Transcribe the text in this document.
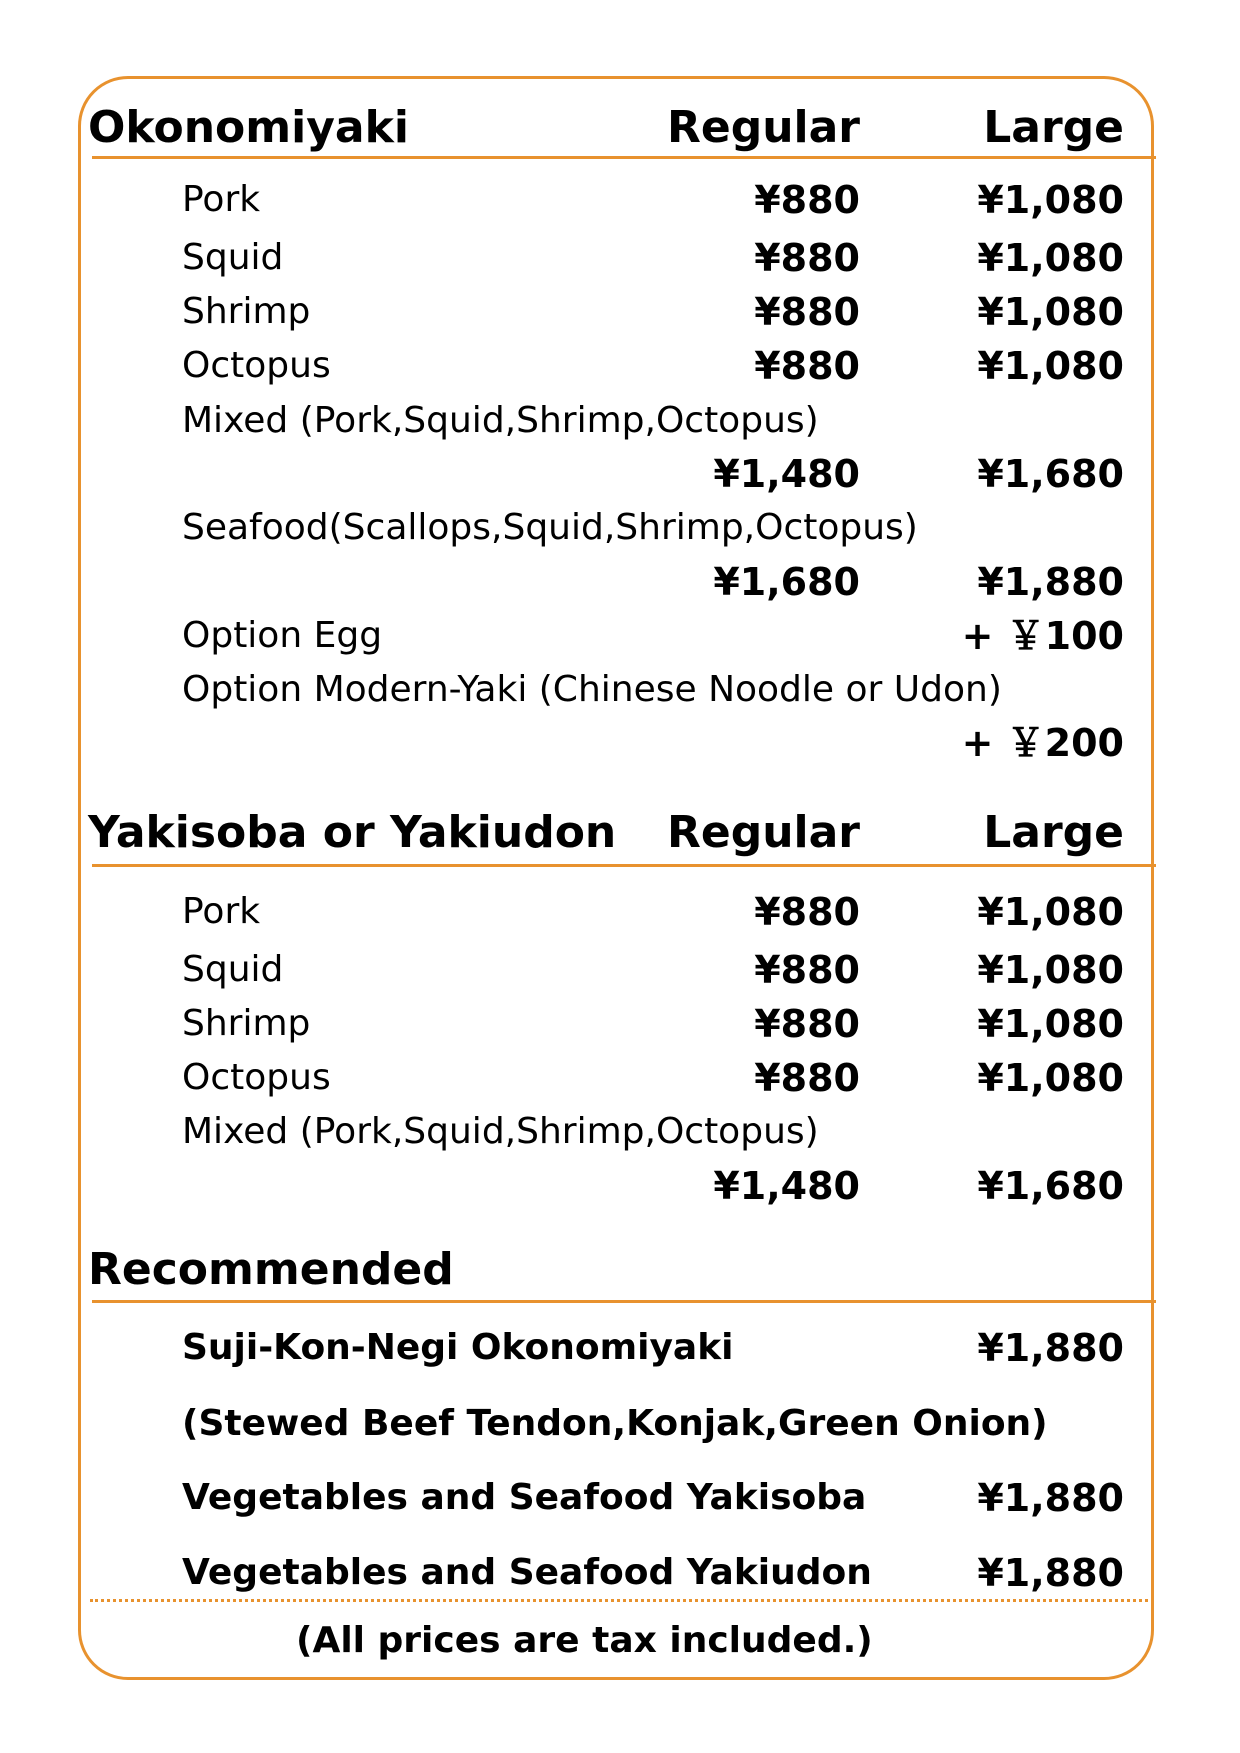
Okonomiyaki	Regular	Large
Pork	¥880	¥1,080
Squid	¥880	¥1,080
Shrimp	¥880	¥1,080
Octopus	¥880	¥1,080
Mixed (Pork,Squid,Shrimp,Octopus)
¥1,480	¥1,680
Seafood(Scallops,Squid,Shrimp,Octopus)
¥1,680	¥1,880
Option Egg	+ ￥100
Option Modern-Yaki (Chinese Noodle or Udon)
+ ￥200
Yakisoba or Yakiudon Regular	Large
Pork	¥880	¥1,080
Squid	¥880	¥1,080
Shrimp	¥880	¥1,080
Octopus	¥880	¥1,080
Mixed (Pork,Squid,Shrimp,Octopus)
¥1,480	¥1,680
Recommended
Suji-Kon-Negi Okonomiyaki	¥1,880
(Stewed Beef Tendon,Konjak,Green Onion)
Vegetables and Seafood Yakisoba	¥1,880
Vegetables and Seafood Yakiudon	¥1,880
(All prices are tax included.)
